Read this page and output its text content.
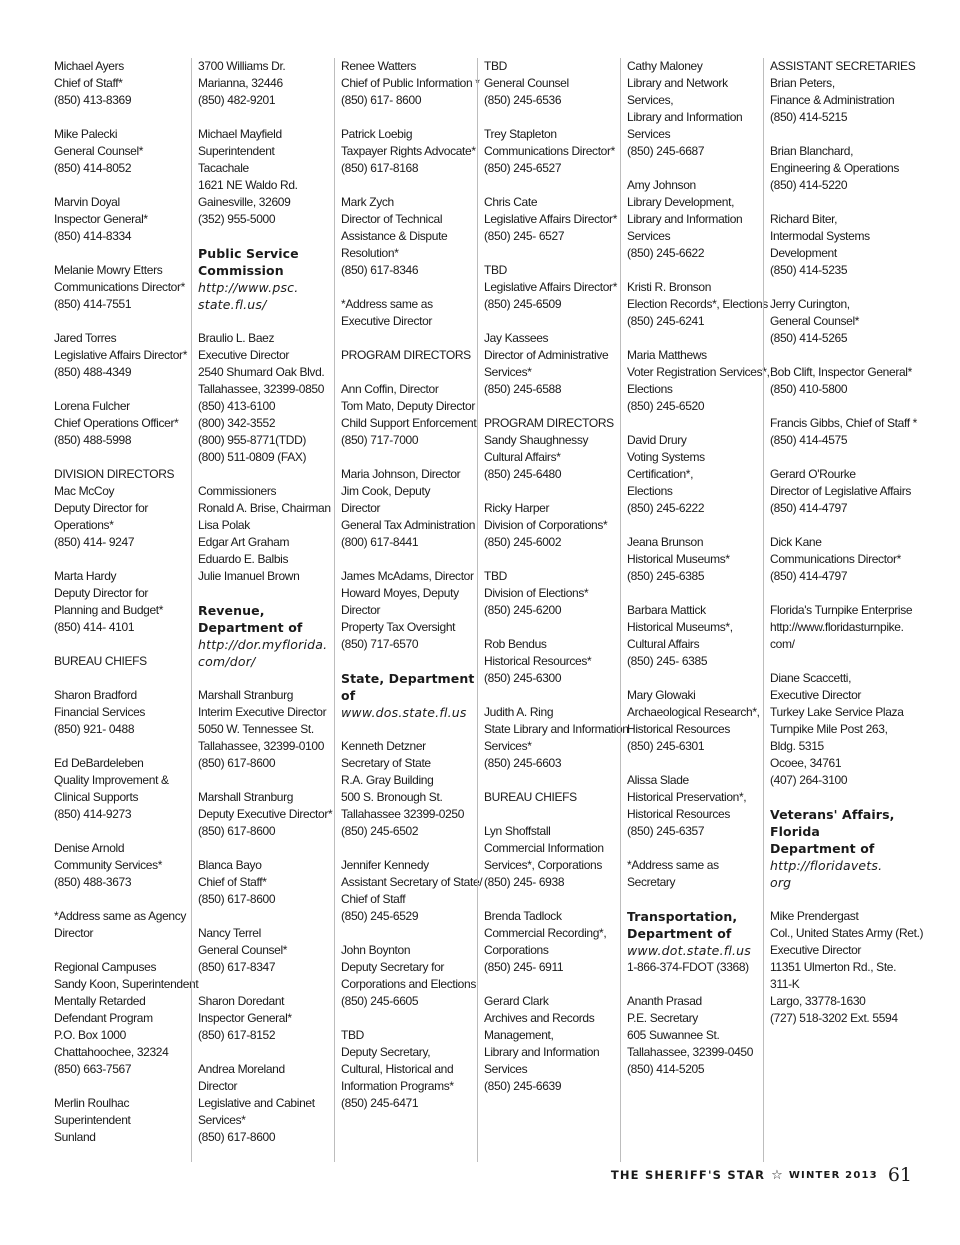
Michael Ayers
Chief of Staff*
(850) 413-8369
Mike Palecki
General Counsel*
(850) 414-8052
Marvin Doyal
Inspector General*
(850) 414-8334
Melanie Mowry Etters
Communications Director*
(850) 414-7551
Jared Torres
Legislative Affairs Director*
(850) 488-4349
Lorena Fulcher
Chief Operations Officer*
(850) 488-5998
DIVISION DIRECTORS
Mac McCoy
Deputy Director for
Operations*
(850) 414- 9247
Marta Hardy
Deputy Director for
Planning and Budget*
(850) 414- 4101
BUREAU CHIEFS
Sharon Bradford
Financial Services
(850) 921- 0488
Ed DeBardeleben
Quality Improvement &
Clinical Supports
(850) 414-9273
Denise Arnold
Community Services*
(850) 488-3673
*Address same as Agency
Director
Regional Campuses
Sandy Koon, Superintendent
Mentally Retarded
Defendant Program
P.O. Box 1000
Chattahoochee, 32324
(850) 663-7567
Merlin Roulhac
Superintendent
Sunland
3700 Williams Dr.
Marianna, 32446
(850) 482-9201
Michael Mayfield
Superintendent
Tacachale
1621 NE Waldo Rd.
Gainesville, 32609
(352) 955-5000
Public Service
Commission
http://www.psc.
state.fl.us/
Braulio L. Baez
Executive Director
2540 Shumard Oak Blvd.
Tallahassee, 32399-0850
(850) 413-6100
(800) 342-3552
(800) 955-8771(TDD)
(800) 511-0809 (FAX)
Commissioners
Ronald A. Brise, Chairman
Lisa Polak
Edgar Art Graham
Eduardo E. Balbis
Julie Imanuel Brown
Revenue,
Department of
http://dor.myflorida.
com/dor/
Marshall Stranburg
Interim Executive Director
5050 W. Tennessee St.
Tallahassee, 32399-0100
(850) 617-8600
Marshall Stranburg
Deputy Executive Director*
(850) 617-8600
Blanca Bayo
Chief of Staff*
(850) 617-8600
Nancy Terrel
General Counsel*
(850) 617-8347
Sharon Doredant
Inspector General*
(850) 617-8152
Andrea Moreland
Director
Legislative and Cabinet
Services*
(850) 617-8600
Renee Watters
Chief of Public Information *
(850) 617- 8600
Patrick Loebig
Taxpayer Rights Advocate*
(850) 617-8168
Mark Zych
Director of Technical
Assistance & Dispute
Resolution*
(850) 617-8346
*Address same as
Executive Director
PROGRAM DIRECTORS
Ann Coffin, Director
Tom Mato, Deputy Director
Child Support Enforcement
(850) 717-7000
Maria Johnson, Director
Jim Cook, Deputy
Director
General Tax Administration
(800) 617-8441
James McAdams, Director
Howard Moyes, Deputy
Director
Property Tax Oversight
(850) 717-6570
State, Department
of
www.dos.state.fl.us
Kenneth Detzner
Secretary of State
R.A. Gray Building
500 S. Bronough St.
Tallahassee 32399-0250
(850) 245-6502
Jennifer Kennedy
Assistant Secretary of State/
Chief of Staff
(850) 245-6529
John Boynton
Deputy Secretary for
Corporations and Elections
(850) 245-6605
TBD
Deputy Secretary,
Cultural, Historical and
Information Programs*
(850) 245-6471
TBD
General Counsel
(850) 245-6536
Trey Stapleton
Communications Director*
(850) 245-6527
Chris Cate
Legislative Affairs Director*
(850) 245- 6527
TBD
Legislative Affairs Director*
(850) 245-6509
Jay Kassees
Director of Administrative
Services*
(850) 245-6588
PROGRAM DIRECTORS
Sandy Shaughnessy
Cultural Affairs*
(850) 245-6480
Ricky Harper
Division of Corporations*
(850) 245-6002
TBD
Division of Elections*
(850) 245-6200
Rob Bendus
Historical Resources*
(850) 245-6300
Judith A. Ring
State Library and Information
Services*
(850) 245-6603
BUREAU CHIEFS
Lyn Shoffstall
Commercial Information
Services*, Corporations
(850) 245- 6938
Brenda Tadlock
Commercial Recording*,
Corporations
(850) 245- 6911
Gerard Clark
Archives and Records
Management,
Library and Information
Services
(850) 245-6639
Cathy Maloney
Library and Network
Services,
Library and Information
Services
(850) 245-6687
Amy Johnson
Library Development,
Library and Information
Services
(850) 245-6622
Kristi R. Bronson
Election Records*, Elections
(850) 245-6241
Maria Matthews
Voter Registration Services*,
Elections
(850) 245-6520
David Drury
Voting Systems
Certification*,
Elections
(850) 245-6222
Jeana Brunson
Historical Museums*
(850) 245-6385
Barbara Mattick
Historical Museums*,
Cultural Affairs
(850) 245- 6385
Mary Glowaki
Archaeological Research*,
Historical Resources
(850) 245-6301
Alissa Slade
Historical Preservation*,
Historical Resources
(850) 245-6357
*Address same as
Secretary
Transportation,
Department of
www.dot.state.fl.us
1-866-374-FDOT (3368)
Ananth Prasad
P.E. Secretary
605 Suwannee St.
Tallahassee, 32399-0450
(850) 414-5205
ASSISTANT SECRETARIES
Brian Peters,
Finance & Administration
(850) 414-5215
Brian Blanchard,
Engineering & Operations
(850) 414-5220
Richard Biter,
Intermodal Systems
Development
(850) 414-5235
Jerry Curington,
General Counsel*
(850) 414-5265
Bob Clift, Inspector General*
(850) 410-5800
Francis Gibbs, Chief of Staff *
(850) 414-4575
Gerard O'Rourke
Director of Legislative Affairs
(850) 414-4797
Dick Kane
Communications Director*
(850) 414-4797
Florida's Turnpike Enterprise
http://www.floridasturnpike.
com/
Diane Scaccetti,
Executive Director
Turkey Lake Service Plaza
Turnpike Mile Post 263,
Bldg. 5315
Ocoee, 34761
(407) 264-3100
Veterans' Affairs,
Florida
Department of
http://floridavets.
org
Mike Prendergast
Col., United States Army (Ret.)
Executive Director
11351 Ulmerton Rd., Ste.
311-K
Largo, 33778-1630
(727) 518-3202 Ext. 5594
THE SHERIFF'S STAR ☆ WINTER 2013 61
